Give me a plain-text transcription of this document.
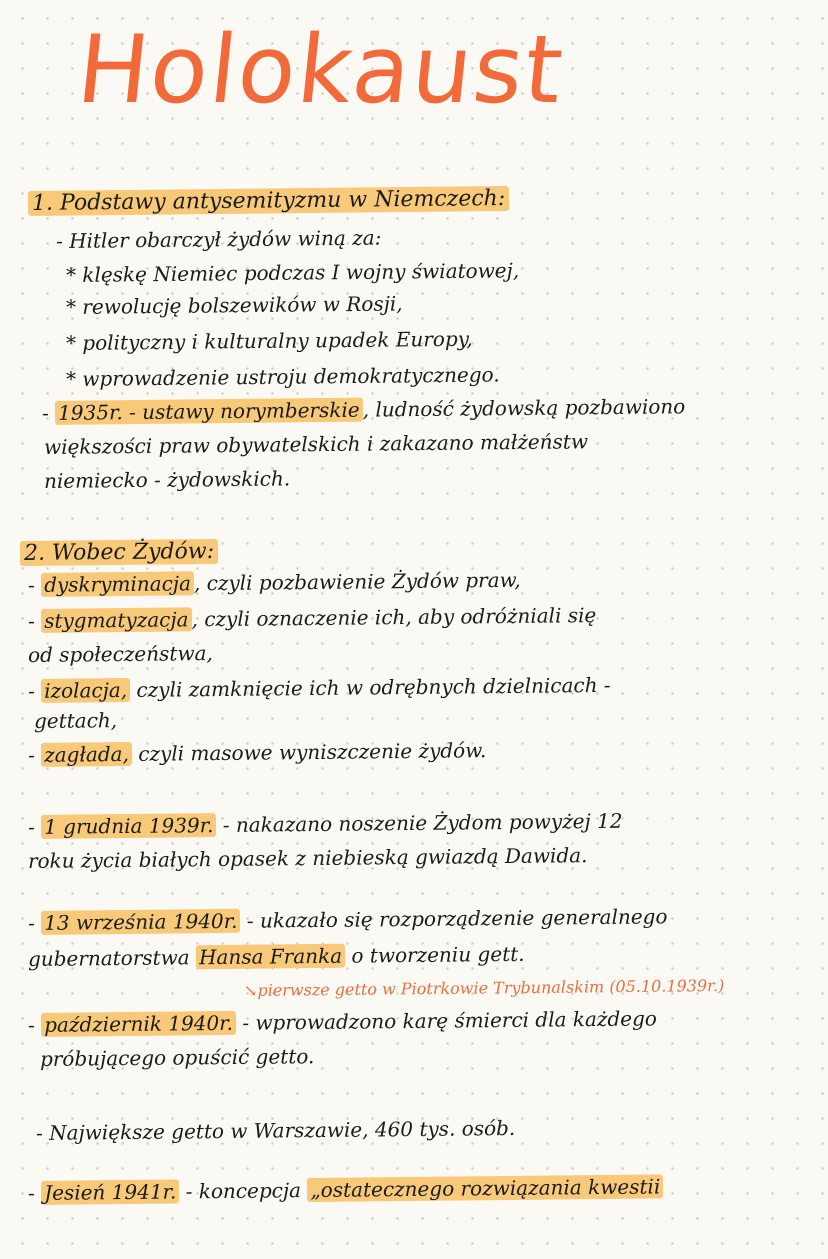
Holokaust
1. Podstawy antysemityzmu w Niemczech:
- Hitler obarczył żydów winą za:
* klęskę Niemiec podczas I wojny światowej,
* rewolucję bolszewików w Rosji,
* polityczny i kulturalny upadek Europy,
* wprowadzenie ustroju demokratycznego.
- 1935r. - ustawy norymberskie , ludność żydowską pozbawiono
większości praw obywatelskich i zakazano małżeństw
niemiecko - żydowskich.
2. Wobec Żydów:
- dyskryminacja , czyli pozbawienie Żydów praw,
- stygmatyzacja , czyli oznaczenie ich, aby odróżniali się
od społeczeństwa,
- izolacja, czyli zamknięcie ich w odrębnych dzielnicach -
gettach,
- zagłada, czyli masowe wyniszczenie żydów.
- 1 grudnia 1939r. - nakazano noszenie Żydom powyżej 12
roku życia białych opasek z niebieską gwiazdą Dawida.
- 13 września 1940r. - ukazało się rozporządzenie generalnego
gubernatorstwa Hansa Franka o tworzeniu gett.
↘pierwsze getto w Piotrkowie Trybunalskim (05.10.1939r.)
- październik 1940r. - wprowadzono karę śmierci dla każdego
próbującego opuścić getto.
- Największe getto w Warszawie, 460 tys. osób.
- Jesień 1941r. - koncepcja „ostatecznego rozwiązania kwestii
